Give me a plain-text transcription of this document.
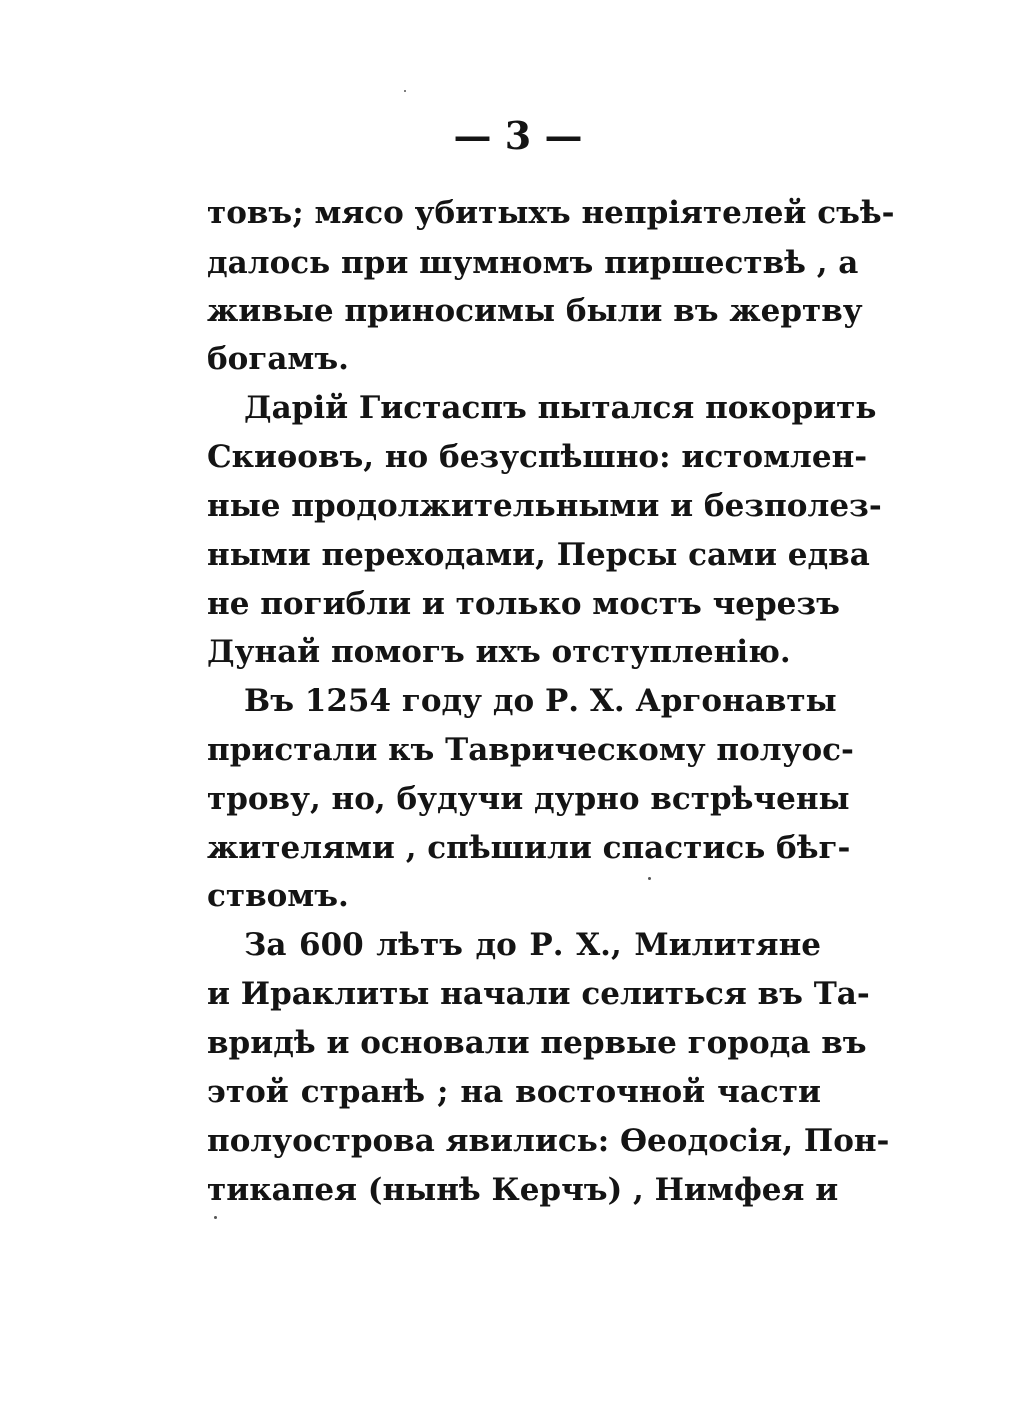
— 3 —
товъ; мясо убитыхъ непріятелей съѣ-
далось при шумномъ пиршествѣ , а
живые приносимы были въ жертву
богамъ.
Дарій Гистаспъ пытался покорить
Скиѳовъ, но безуспѣшно: истомлен-
ные продолжительными и безполез-
ными переходами, Персы сами едва
не погибли и только мостъ черезъ
Дунай помогъ ихъ отступленію.
Въ 1254 году до Р. Х. Аргонавты
пристали къ Таврическому полуос-
трову, но, будучи дурно встрѣчены
жителями , спѣшили спастись бѣг-
ствомъ.
За 600 лѣтъ до Р. Х., Милитяне
и Ираклиты начали селиться въ Та-
вридѣ и основали первые города въ
этой странѣ ; на восточной части
полуострова явились: Ѳеодосія, Пон-
тикапея (нынѣ Керчъ) , Нимфея и
